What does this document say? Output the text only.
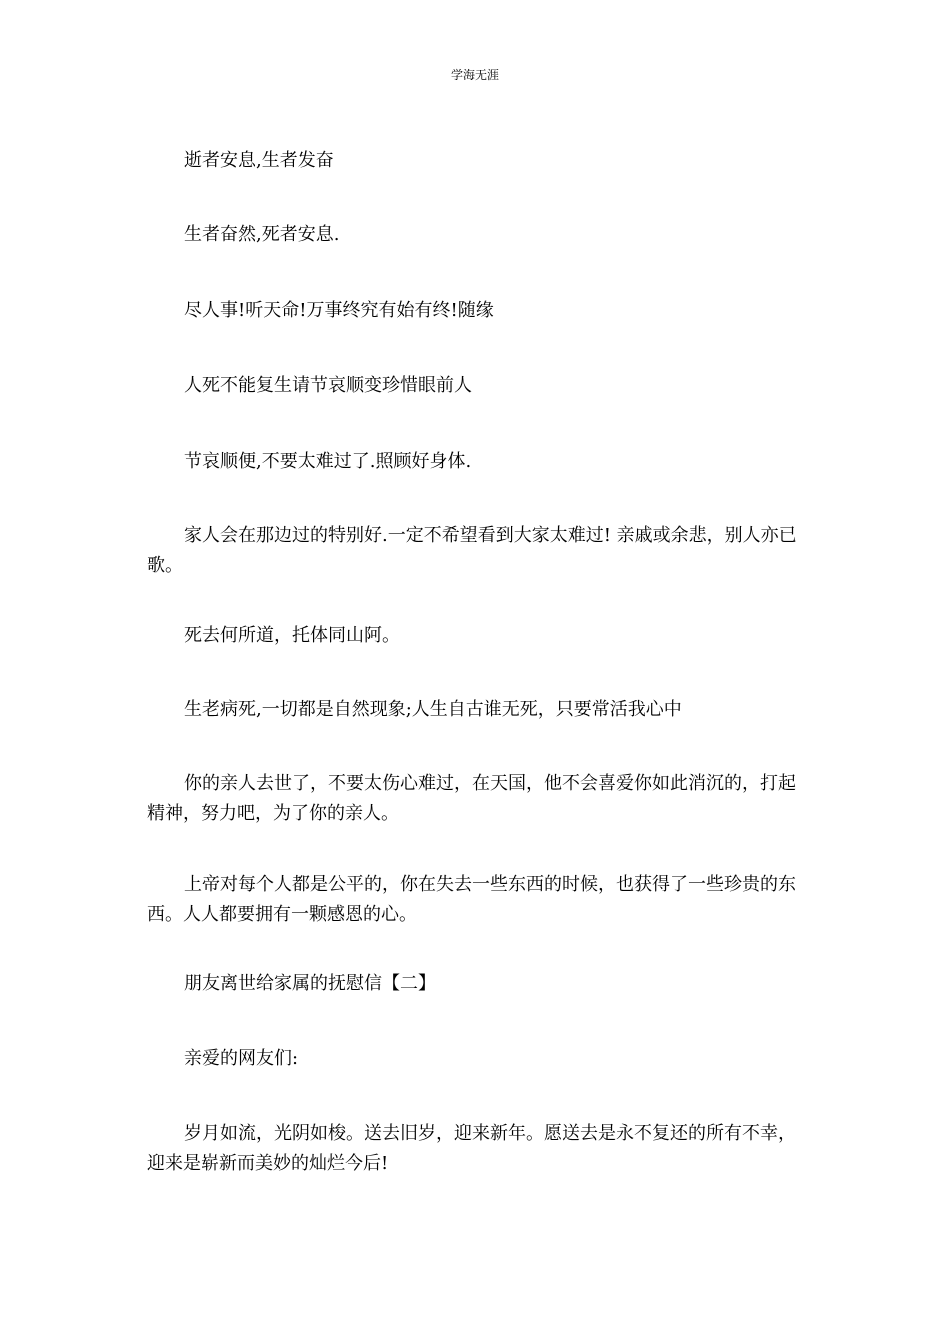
学海无涯

逝者安息,生者发奋

生者奋然,死者安息.

尽人事!听天命!万事终究有始有终!随缘

人死不能复生请节哀顺变珍惜眼前人

节哀顺便,不要太难过了.照顾好身体.

家人会在那边过的特别好.一定不希望看到大家太难过! 亲戚或余悲，别人亦已歌。

死去何所道，托体同山阿。

生老病死,一切都是自然现象;人生自古谁无死，只要常活我心中

你的亲人去世了，不要太伤心难过，在天国，他不会喜爱你如此消沉的，打起精神，努力吧，为了你的亲人。

上帝对每个人都是公平的，你在失去一些东西的时候，也获得了一些珍贵的东西。人人都要拥有一颗感恩的心。

朋友离世给家属的抚慰信【二】

亲爱的网友们:

岁月如流，光阴如梭。送去旧岁，迎来新年。愿送去是永不复还的所有不幸，迎来是崭新而美妙的灿烂今后!
